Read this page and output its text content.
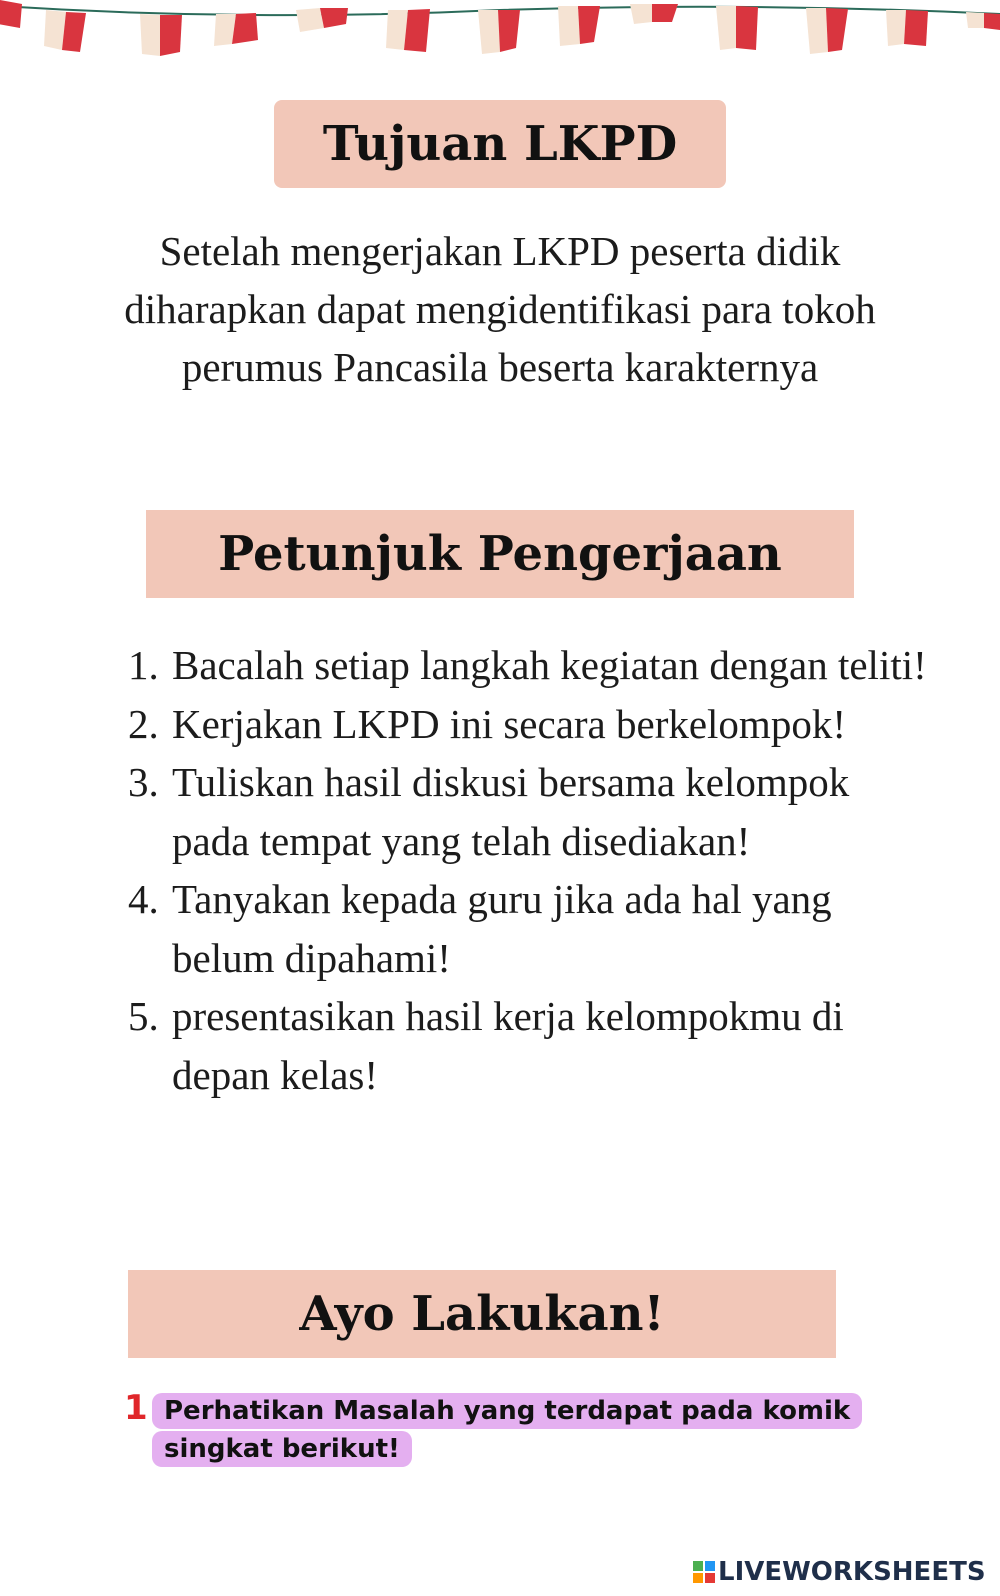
Tujuan LKPD

Setelah mengerjakan LKPD peserta didik diharapkan dapat mengidentifikasi para tokoh perumus Pancasila beserta karakternya

Petunjuk Pengerjaan
1. Bacalah setiap langkah kegiatan dengan teliti!
2. Kerjakan LKPD ini secara berkelompok!
3. Tuliskan hasil diskusi bersama kelompok pada tempat yang telah disediakan!
4. Tanyakan kepada guru jika ada hal yang belum dipahami!
5. presentasikan hasil kerja kelompokmu di depan kelas!
Ayo Lakukan!
1 Perhatikan Masalah yang terdapat pada komik singkat berikut!

LIVEWORKSHEETS
